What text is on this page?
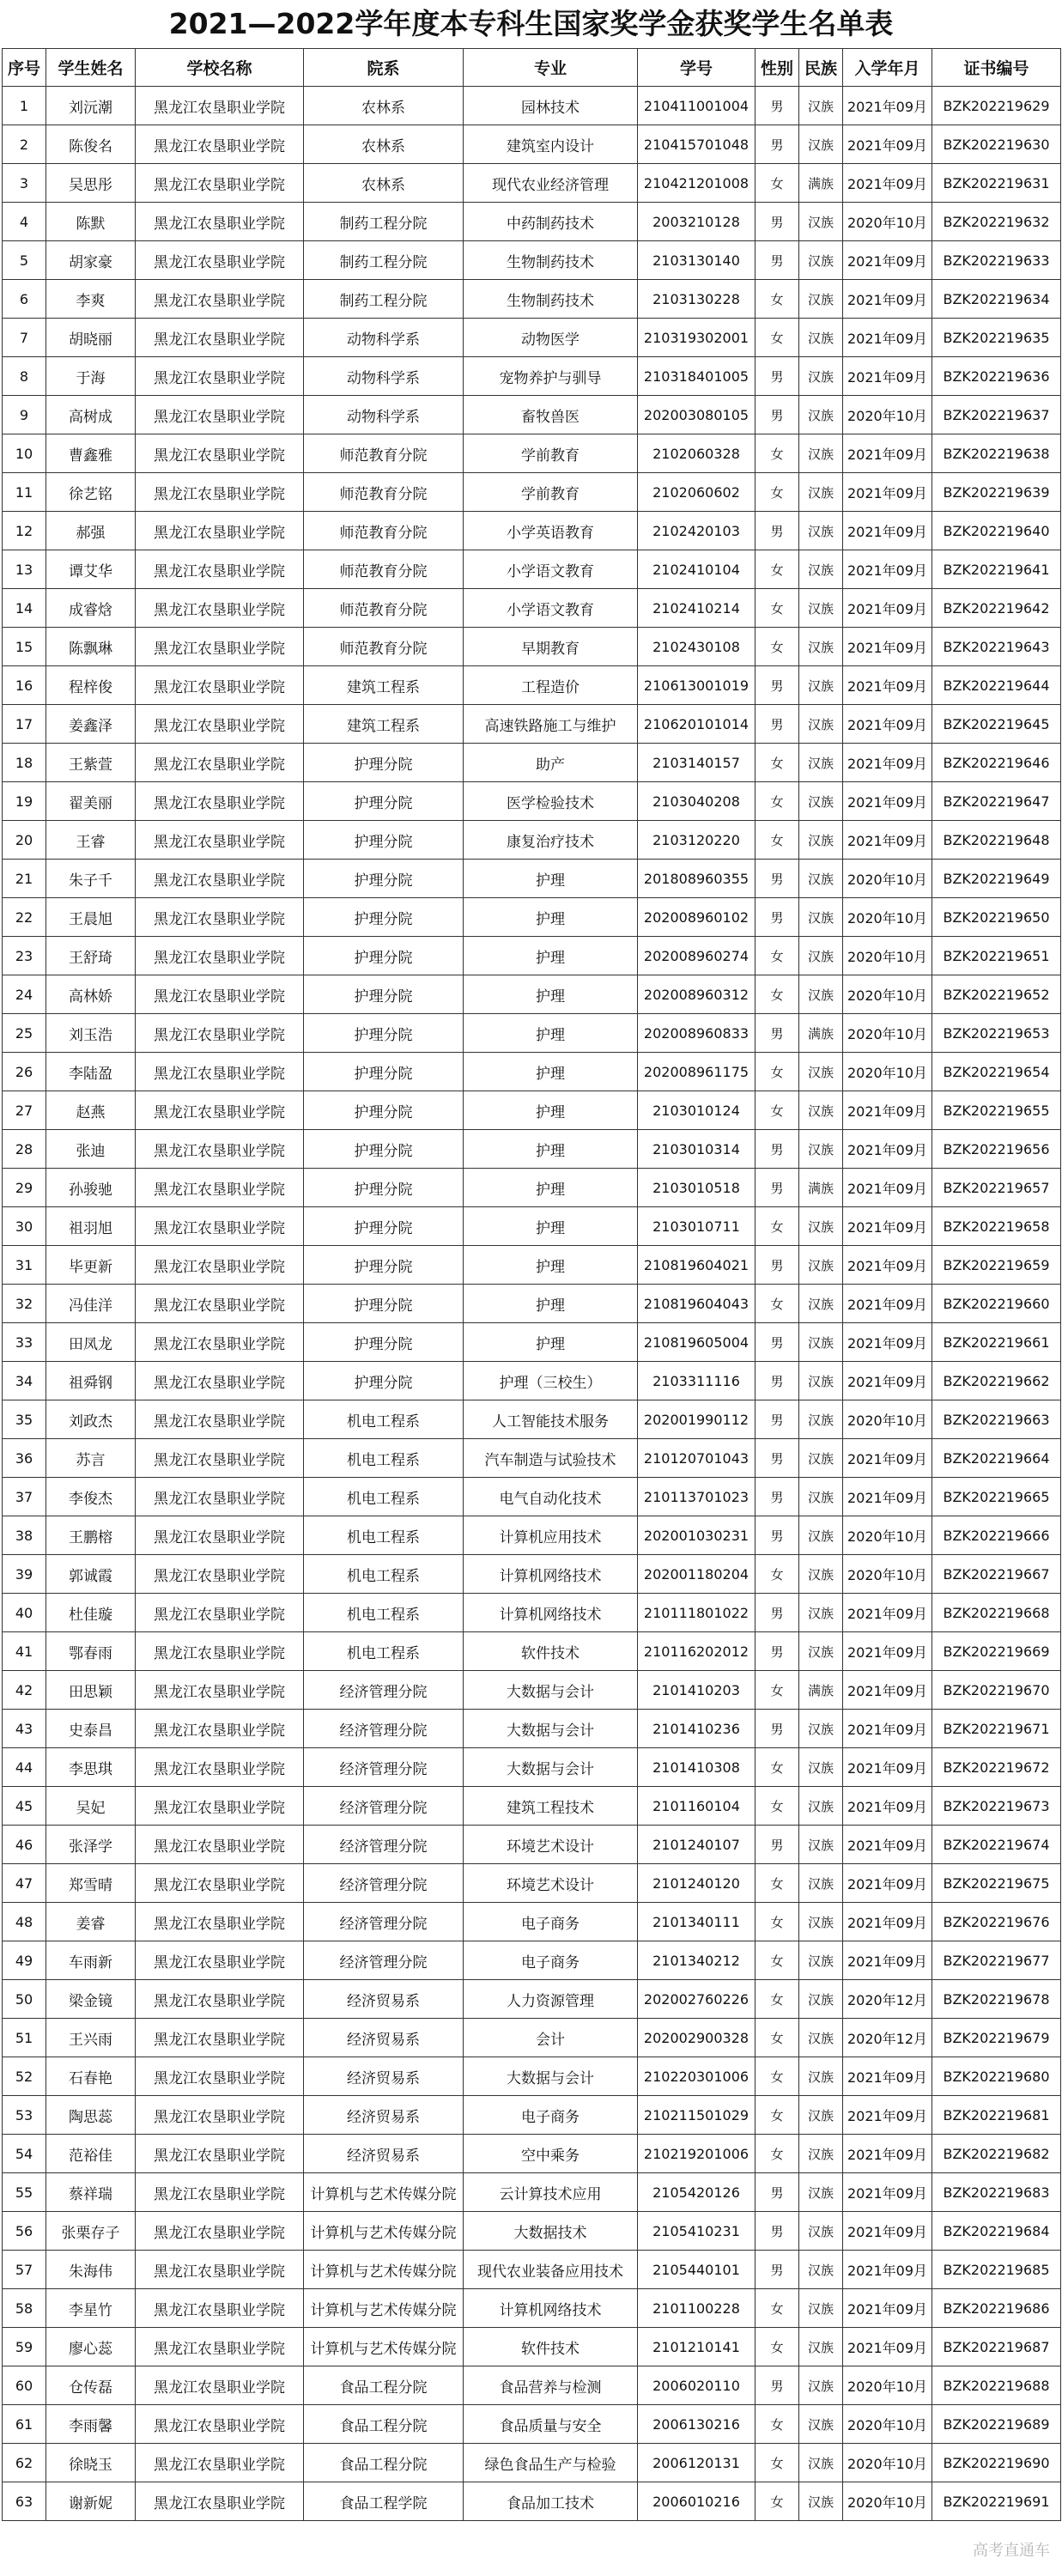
2021—2022学年度本专科生国家奖学金获奖学生名单表
序号	学生姓名	学校名称	院系	专业	学号	性别	民族	入学年月	证书编号
1	刘沅潮	黑龙江农垦职业学院	农林系	园林技术	210411001004	男	汉族	2021年09月	BZK202219629
2	陈俊名	黑龙江农垦职业学院	农林系	建筑室内设计	210415701048	男	汉族	2021年09月	BZK202219630
3	吴思彤	黑龙江农垦职业学院	农林系	现代农业经济管理	210421201008	女	满族	2021年09月	BZK202219631
4	陈默	黑龙江农垦职业学院	制药工程分院	中药制药技术	2003210128	男	汉族	2020年10月	BZK202219632
5	胡家豪	黑龙江农垦职业学院	制药工程分院	生物制药技术	2103130140	男	汉族	2021年09月	BZK202219633
6	李爽	黑龙江农垦职业学院	制药工程分院	生物制药技术	2103130228	女	汉族	2021年09月	BZK202219634
7	胡晓丽	黑龙江农垦职业学院	动物科学系	动物医学	210319302001	女	汉族	2021年09月	BZK202219635
8	于海	黑龙江农垦职业学院	动物科学系	宠物养护与驯导	210318401005	男	汉族	2021年09月	BZK202219636
9	高树成	黑龙江农垦职业学院	动物科学系	畜牧兽医	202003080105	男	汉族	2020年10月	BZK202219637
10	曹鑫雅	黑龙江农垦职业学院	师范教育分院	学前教育	2102060328	女	汉族	2021年09月	BZK202219638
11	徐艺铭	黑龙江农垦职业学院	师范教育分院	学前教育	2102060602	女	汉族	2021年09月	BZK202219639
12	郝强	黑龙江农垦职业学院	师范教育分院	小学英语教育	2102420103	男	汉族	2021年09月	BZK202219640
13	谭艾华	黑龙江农垦职业学院	师范教育分院	小学语文教育	2102410104	女	汉族	2021年09月	BZK202219641
14	成睿焓	黑龙江农垦职业学院	师范教育分院	小学语文教育	2102410214	女	汉族	2021年09月	BZK202219642
15	陈飘琳	黑龙江农垦职业学院	师范教育分院	早期教育	2102430108	女	汉族	2021年09月	BZK202219643
16	程梓俊	黑龙江农垦职业学院	建筑工程系	工程造价	210613001019	男	汉族	2021年09月	BZK202219644
17	姜鑫泽	黑龙江农垦职业学院	建筑工程系	高速铁路施工与维护	210620101014	男	汉族	2021年09月	BZK202219645
18	王紫萱	黑龙江农垦职业学院	护理分院	助产	2103140157	女	汉族	2021年09月	BZK202219646
19	翟美丽	黑龙江农垦职业学院	护理分院	医学检验技术	2103040208	女	汉族	2021年09月	BZK202219647
20	王睿	黑龙江农垦职业学院	护理分院	康复治疗技术	2103120220	女	汉族	2021年09月	BZK202219648
21	朱子千	黑龙江农垦职业学院	护理分院	护理	201808960355	男	汉族	2020年10月	BZK202219649
22	王晨旭	黑龙江农垦职业学院	护理分院	护理	202008960102	男	汉族	2020年10月	BZK202219650
23	王舒琦	黑龙江农垦职业学院	护理分院	护理	202008960274	女	汉族	2020年10月	BZK202219651
24	高林娇	黑龙江农垦职业学院	护理分院	护理	202008960312	女	汉族	2020年10月	BZK202219652
25	刘玉浩	黑龙江农垦职业学院	护理分院	护理	202008960833	男	满族	2020年10月	BZK202219653
26	李陆盈	黑龙江农垦职业学院	护理分院	护理	202008961175	女	汉族	2020年10月	BZK202219654
27	赵燕	黑龙江农垦职业学院	护理分院	护理	2103010124	女	汉族	2021年09月	BZK202219655
28	张迪	黑龙江农垦职业学院	护理分院	护理	2103010314	男	汉族	2021年09月	BZK202219656
29	孙骏驰	黑龙江农垦职业学院	护理分院	护理	2103010518	男	满族	2021年09月	BZK202219657
30	祖羽旭	黑龙江农垦职业学院	护理分院	护理	2103010711	女	汉族	2021年09月	BZK202219658
31	毕更新	黑龙江农垦职业学院	护理分院	护理	210819604021	男	汉族	2021年09月	BZK202219659
32	冯佳洋	黑龙江农垦职业学院	护理分院	护理	210819604043	女	汉族	2021年09月	BZK202219660
33	田凤龙	黑龙江农垦职业学院	护理分院	护理	210819605004	男	汉族	2021年09月	BZK202219661
34	祖舜钢	黑龙江农垦职业学院	护理分院	护理（三校生）	2103311116	男	汉族	2021年09月	BZK202219662
35	刘政杰	黑龙江农垦职业学院	机电工程系	人工智能技术服务	202001990112	男	汉族	2020年10月	BZK202219663
36	苏言	黑龙江农垦职业学院	机电工程系	汽车制造与试验技术	210120701043	男	汉族	2021年09月	BZK202219664
37	李俊杰	黑龙江农垦职业学院	机电工程系	电气自动化技术	210113701023	男	汉族	2021年09月	BZK202219665
38	王鹏榕	黑龙江农垦职业学院	机电工程系	计算机应用技术	202001030231	男	汉族	2020年10月	BZK202219666
39	郭诚霞	黑龙江农垦职业学院	机电工程系	计算机网络技术	202001180204	女	汉族	2020年10月	BZK202219667
40	杜佳璇	黑龙江农垦职业学院	机电工程系	计算机网络技术	210111801022	男	汉族	2021年09月	BZK202219668
41	鄂春雨	黑龙江农垦职业学院	机电工程系	软件技术	210116202012	男	汉族	2021年09月	BZK202219669
42	田思颖	黑龙江农垦职业学院	经济管理分院	大数据与会计	2101410203	女	满族	2021年09月	BZK202219670
43	史泰昌	黑龙江农垦职业学院	经济管理分院	大数据与会计	2101410236	男	汉族	2021年09月	BZK202219671
44	李思琪	黑龙江农垦职业学院	经济管理分院	大数据与会计	2101410308	女	汉族	2021年09月	BZK202219672
45	吴妃	黑龙江农垦职业学院	经济管理分院	建筑工程技术	2101160104	女	汉族	2021年09月	BZK202219673
46	张泽学	黑龙江农垦职业学院	经济管理分院	环境艺术设计	2101240107	男	汉族	2021年09月	BZK202219674
47	郑雪晴	黑龙江农垦职业学院	经济管理分院	环境艺术设计	2101240120	女	汉族	2021年09月	BZK202219675
48	姜睿	黑龙江农垦职业学院	经济管理分院	电子商务	2101340111	女	汉族	2021年09月	BZK202219676
49	车雨新	黑龙江农垦职业学院	经济管理分院	电子商务	2101340212	女	汉族	2021年09月	BZK202219677
50	梁金镜	黑龙江农垦职业学院	经济贸易系	人力资源管理	202002760226	女	汉族	2020年12月	BZK202219678
51	王兴雨	黑龙江农垦职业学院	经济贸易系	会计	202002900328	女	汉族	2020年12月	BZK202219679
52	石春艳	黑龙江农垦职业学院	经济贸易系	大数据与会计	210220301006	女	汉族	2021年09月	BZK202219680
53	陶思蕊	黑龙江农垦职业学院	经济贸易系	电子商务	210211501029	女	汉族	2021年09月	BZK202219681
54	范裕佳	黑龙江农垦职业学院	经济贸易系	空中乘务	210219201006	女	汉族	2021年09月	BZK202219682
55	蔡祥瑞	黑龙江农垦职业学院	计算机与艺术传媒分院	云计算技术应用	2105420126	男	汉族	2021年09月	BZK202219683
56	张栗存子	黑龙江农垦职业学院	计算机与艺术传媒分院	大数据技术	2105410231	男	汉族	2021年09月	BZK202219684
57	朱海伟	黑龙江农垦职业学院	计算机与艺术传媒分院	现代农业装备应用技术	2105440101	男	汉族	2021年09月	BZK202219685
58	李星竹	黑龙江农垦职业学院	计算机与艺术传媒分院	计算机网络技术	2101100228	女	汉族	2021年09月	BZK202219686
59	廖心蕊	黑龙江农垦职业学院	计算机与艺术传媒分院	软件技术	2101210141	女	汉族	2021年09月	BZK202219687
60	仓传磊	黑龙江农垦职业学院	食品工程分院	食品营养与检测	2006020110	男	汉族	2020年10月	BZK202219688
61	李雨馨	黑龙江农垦职业学院	食品工程分院	食品质量与安全	2006130216	女	汉族	2020年10月	BZK202219689
62	徐晓玉	黑龙江农垦职业学院	食品工程分院	绿色食品生产与检验	2006120131	女	汉族	2020年10月	BZK202219690
63	谢新妮	黑龙江农垦职业学院	食品工程学院	食品加工技术	2006010216	女	汉族	2020年10月	BZK202219691
高考直通车
